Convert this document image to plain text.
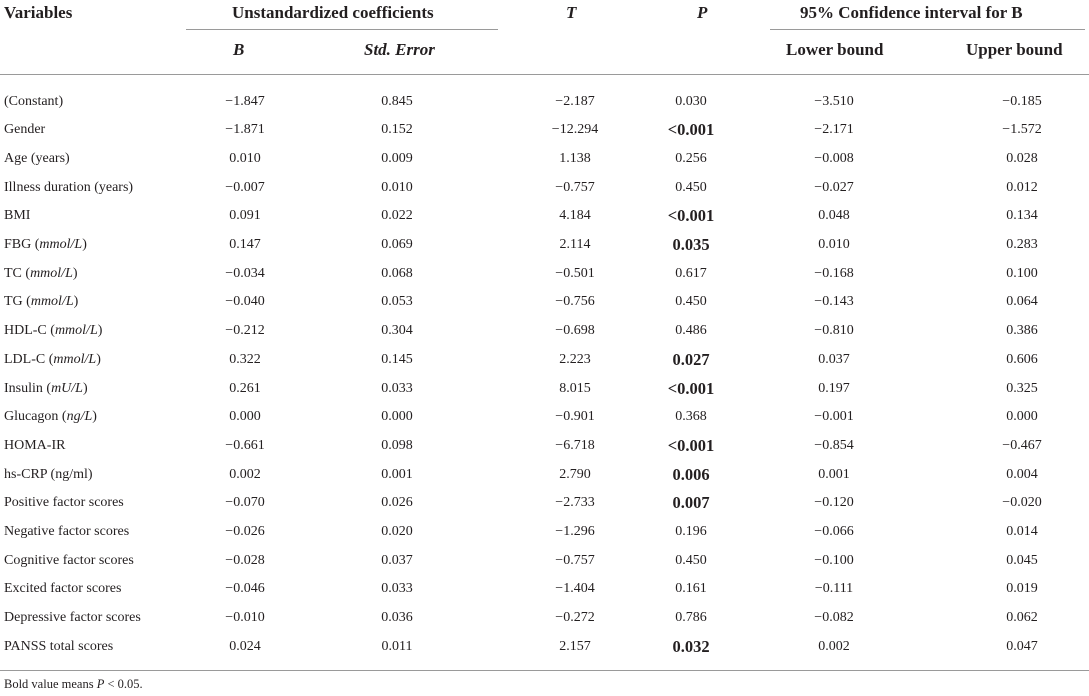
Variables	Unstandardized coefficients	T	P	95% Confidence interval for B
B	Std. Error	Lower bound	Upper bound
(Constant)	−1.847	0.845	−2.187	0.030	−3.510	−0.185
Gender	−1.871	0.152	−12.294	<0.001	−2.171	−1.572
Age (years)	0.010	0.009	1.138	0.256	−0.008	0.028
Illness duration (years)	−0.007	0.010	−0.757	0.450	−0.027	0.012
BMI	0.091	0.022	4.184	<0.001	0.048	0.134
FBG (mmol/L)	0.147	0.069	2.114	0.035	0.010	0.283
TC (mmol/L)	−0.034	0.068	−0.501	0.617	−0.168	0.100
TG (mmol/L)	−0.040	0.053	−0.756	0.450	−0.143	0.064
HDL-C (mmol/L)	−0.212	0.304	−0.698	0.486	−0.810	0.386
LDL-C (mmol/L)	0.322	0.145	2.223	0.027	0.037	0.606
Insulin (mU/L)	0.261	0.033	8.015	<0.001	0.197	0.325
Glucagon (ng/L)	0.000	0.000	−0.901	0.368	−0.001	0.000
HOMA-IR	−0.661	0.098	−6.718	<0.001	−0.854	−0.467
hs-CRP (ng/ml)	0.002	0.001	2.790	0.006	0.001	0.004
Positive factor scores	−0.070	0.026	−2.733	0.007	−0.120	−0.020
Negative factor scores	−0.026	0.020	−1.296	0.196	−0.066	0.014
Cognitive factor scores	−0.028	0.037	−0.757	0.450	−0.100	0.045
Excited factor scores	−0.046	0.033	−1.404	0.161	−0.111	0.019
Depressive factor scores	−0.010	0.036	−0.272	0.786	−0.082	0.062
PANSS total scores	0.024	0.011	2.157	0.032	0.002	0.047
Bold value means P < 0.05.
